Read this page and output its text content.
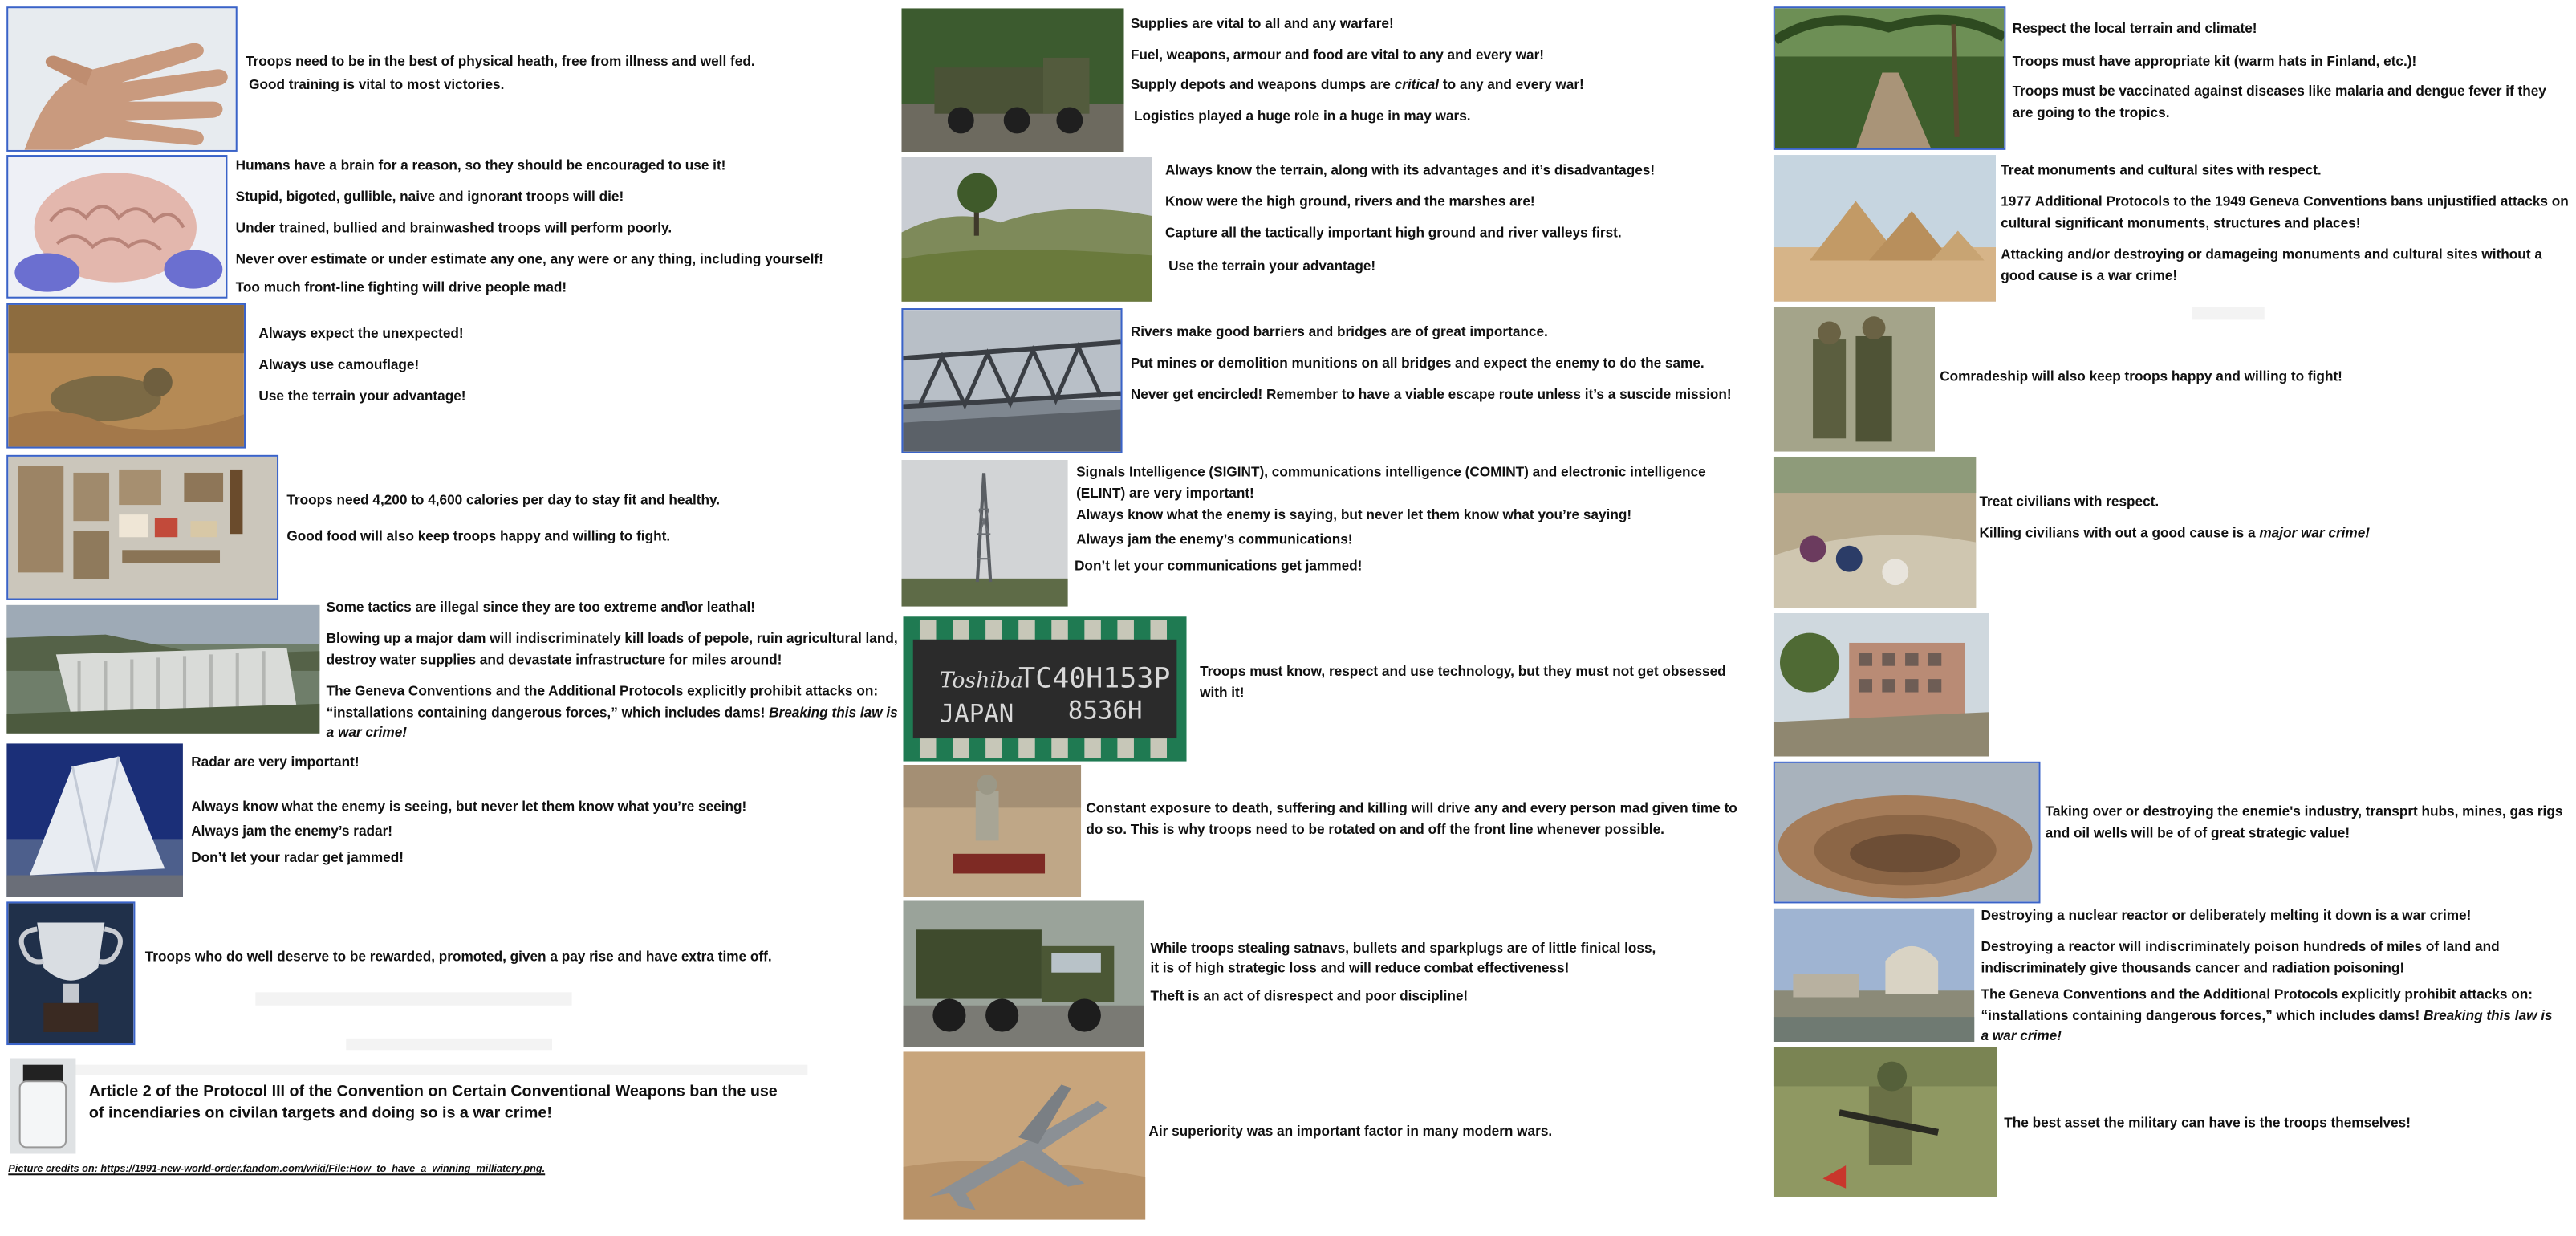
Troops need to be in the best of physical heath, free from illness and well fed.
Good training is vital to most victories.
Humans have a brain for a reason, so they should be encouraged to use it!
Stupid, bigoted, gullible, naive and ignorant troops will die!
Under trained, bullied and brainwashed troops will perform poorly.
Never over estimate or under estimate any one, any were or any thing, including yourself!
Too much front-line fighting will drive people mad!
Always expect the unexpected!
Always use camouflage!
Use the terrain your advantage!
Troops need 4,200 to 4,600 calories per day to stay fit and healthy.
Good food will also keep troops happy and willing to fight.
Some tactics are illegal since they are too extreme and\or leathal!
Blowing up a major dam will indiscriminately kill loads of pepole, ruin agricultural land, destroy water supplies and devastate infrastructure for miles around!
The Geneva Conventions and the Additional Protocols explicitly prohibit attacks on: “installations containing dangerous forces,” which includes dams! Breaking this law is a war crime!
Radar are very important!
Always know what the enemy is seeing, but never let them know what you’re seeing!
Always jam the enemy’s radar!
Don’t let your radar get jammed!
Troops who do well deserve to be rewarded, promoted, given a pay rise and have extra time off.
Article 2 of the Protocol III of the Convention on Certain Conventional Weapons ban the use of incendiaries on civilan targets and doing so is a war crime!
Picture credits on: https://1991-new-world-order.fandom.com/wiki/File:How_to_have_a_winning_milliatery.png.
Supplies are vital to all and any warfare!
Fuel, weapons, armour and food are vital to any and every war!
Supply depots and weapons dumps are critical to any and every war!
Logistics played a huge role in a huge in may wars.
Always know the terrain, along with its advantages and it’s disadvantages!
Know were the high ground, rivers and the marshes are!
Capture all the tactically important high ground and river valleys first.
Use the terrain your advantage!
Rivers make good barriers and bridges are of great importance.
Put mines or demolition munitions on all bridges and expect the enemy to do the same.
Never get encircled! Remember to have a viable escape route unless it’s a suscide mission!
Signals Intelligence (SIGINT), communications intelligence (COMINT) and electronic intelligence (ELINT) are very important!
Always know what the enemy is saying, but never let them know what you’re saying!
Always jam the enemy’s communications!
Don’t let your communications get jammed!
Toshiba
TC40H153P
JAPAN	8536H
Troops must know, respect and use technology, but they must not get obsessed with it!
Constant exposure to death, suffering and killing will drive any and every person mad given time to do so. This is why troops need to be rotated on and off the front line whenever possible.
While troops stealing satnavs, bullets and sparkplugs are of little finical loss,
it is of high strategic loss and will reduce combat effectiveness!
Theft is an act of disrespect and poor discipline!
Air superiority was an important factor in many modern wars.
Respect the local terrain and climate!
Troops must have appropriate kit (warm hats in Finland, etc.)!
Troops must be vaccinated against diseases like malaria and dengue fever if they are going to the tropics.
Treat monuments and cultural sites with respect.
1977 Additional Protocols to the 1949 Geneva Conventions bans unjustified attacks on cultural significant monuments, structures and places!
Attacking and/or destroying or damageing monuments and cultural sites without a good cause is a war crime!
Comradeship will also keep troops happy and willing to fight!
Treat civilians with respect.
Killing civilians with out a good cause is a major war crime!
Taking over or destroying the enemie's industry, transprt hubs, mines, gas rigs and oil wells will be of of great strategic value!
Destroying a nuclear reactor or deliberately melting it down is a war crime!
Destroying a reactor will indiscriminately poison hundreds of miles of land and indiscriminately give thousands cancer and radiation poisoning!
The Geneva Conventions and the Additional Protocols explicitly prohibit attacks on: “installations containing dangerous forces,” which includes dams! Breaking this law is a war crime!
The best asset the military can have is the troops themselves!
